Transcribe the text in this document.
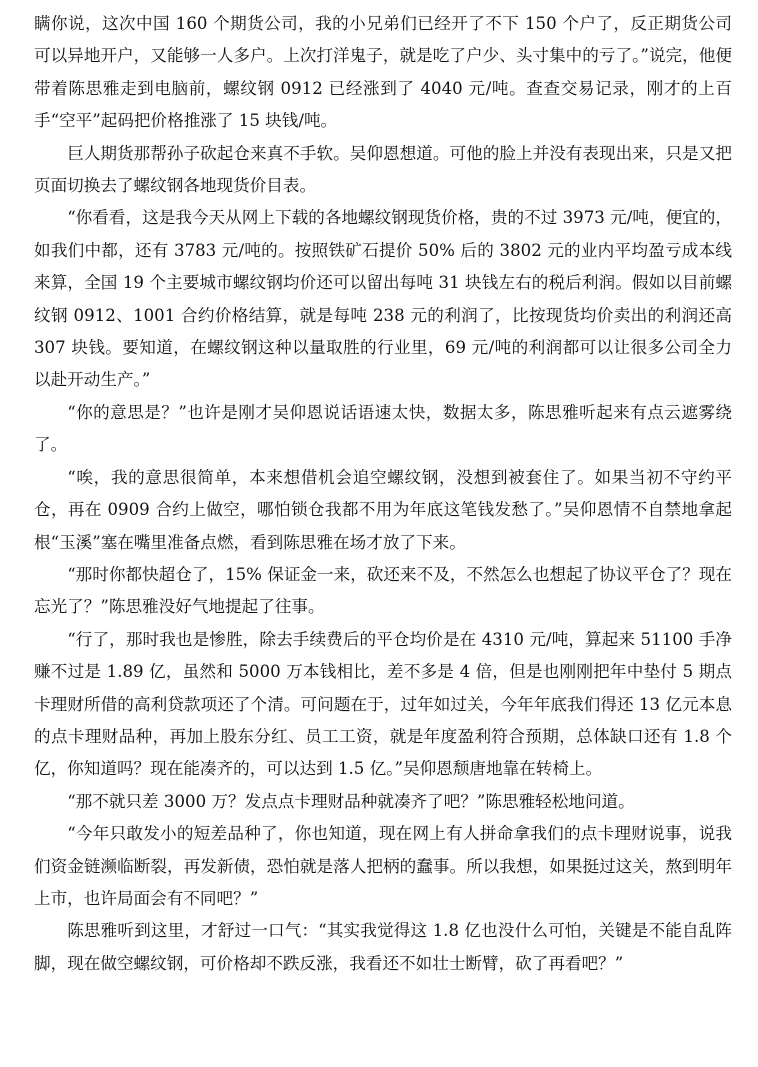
瞒你说，这次中国 160 个期货公司，我的小兄弟们已经开了不下 150 个户了，反正期货公司可以异地开户，又能够一人多户。上次打洋鬼子，就是吃了户少、头寸集中的亏了。”说完，他便带着陈思雅走到电脑前，螺纹钢 0912 已经涨到了 4040 元/吨。查查交易记录，刚才的上百手“空平”起码把价格推涨了 15 块钱/吨。

巨人期货那帮孙子砍起仓来真不手软。吴仰恩想道。可他的脸上并没有表现出来，只是又把页面切换去了螺纹钢各地现货价目表。

“你看看，这是我今天从网上下载的各地螺纹钢现货价格，贵的不过 3973 元/吨，便宜的，如我们中都，还有 3783 元/吨的。按照铁矿石提价 50% 后的 3802 元的业内平均盈亏成本线来算，全国 19 个主要城市螺纹钢均价还可以留出每吨 31 块钱左右的税后利润。假如以目前螺纹钢 0912、1001 合约价格结算，就是每吨 238 元的利润了，比按现货均价卖出的利润还高 307 块钱。要知道，在螺纹钢这种以量取胜的行业里，69 元/吨的利润都可以让很多公司全力以赴开动生产。”

“你的意思是？”也许是刚才吴仰恩说话语速太快，数据太多，陈思雅听起来有点云遮雾绕了。

“唉，我的意思很简单，本来想借机会追空螺纹钢，没想到被套住了。如果当初不守约平仓，再在 0909 合约上做空，哪怕锁仓我都不用为年底这笔钱发愁了。”吴仰恩情不自禁地拿起根“玉溪”塞在嘴里准备点燃，看到陈思雅在场才放了下来。

“那时你都快超仓了，15% 保证金一来，砍还来不及，不然怎么也想起了协议平仓了？现在忘光了？”陈思雅没好气地提起了往事。

“行了，那时我也是惨胜，除去手续费后的平仓均价是在 4310 元/吨，算起来 51100 手净赚不过是 1.89 亿，虽然和 5000 万本钱相比，差不多是 4 倍，但是也刚刚把年中垫付 5 期点卡理财所借的高利贷款项还了个清。可问题在于，过年如过关，今年年底我们得还 13 亿元本息的点卡理财品种，再加上股东分红、员工工资，就是年度盈利符合预期，总体缺口还有 1.8 个亿，你知道吗？现在能凑齐的，可以达到 1.5 亿。”吴仰恩颓唐地靠在转椅上。

“那不就只差 3000 万？发点点卡理财品种就凑齐了吧？”陈思雅轻松地问道。

“今年只敢发小的短差品种了，你也知道，现在网上有人拼命拿我们的点卡理财说事，说我们资金链濒临断裂，再发新债，恐怕就是落人把柄的蠢事。所以我想，如果挺过这关，熬到明年上市，也许局面会有不同吧？”

陈思雅听到这里，才舒过一口气：“其实我觉得这 1.8 亿也没什么可怕，关键是不能自乱阵脚，现在做空螺纹钢，可价格却不跌反涨，我看还不如壮士断臂，砍了再看吧？”
